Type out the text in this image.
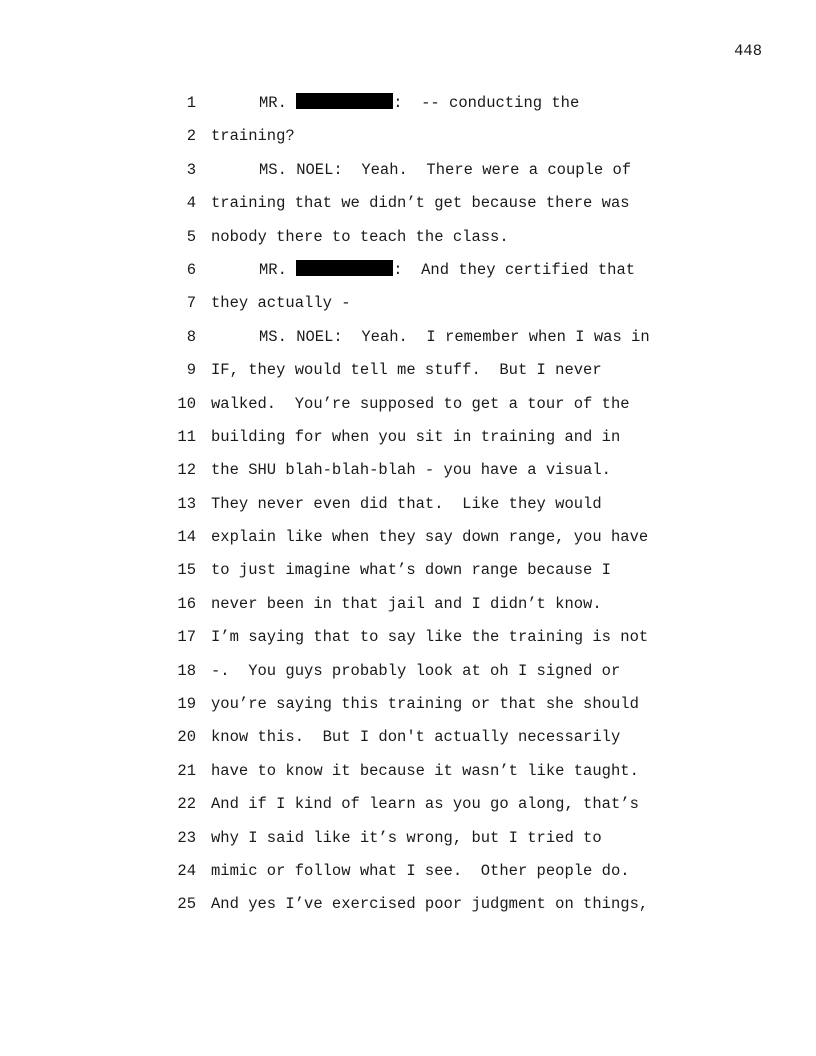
448
1	MR.	:  -- conducting the
2 training?
3	MS. NOEL:  Yeah.  There were a couple of
4 training that we didn’t get because there was
5 nobody there to teach the class.
6	MR.	:  And they certified that
7 they actually -
8	MS. NOEL:  Yeah.  I remember when I was in
9 IF, they would tell me stuff.  But I never
10 walked.  You’re supposed to get a tour of the
11 building for when you sit in training and in
12 the SHU blah-blah-blah - you have a visual.
13 They never even did that.  Like they would
14 explain like when they say down range, you have
15 to just imagine what’s down range because I
16 never been in that jail and I didn’t know.
17 I’m saying that to say like the training is not
18 -.  You guys probably look at oh I signed or
19 you’re saying this training or that she should
20 know this.  But I don't actually necessarily
21 have to know it because it wasn’t like taught.
22 And if I kind of learn as you go along, that’s
23 why I said like it’s wrong, but I tried to
24 mimic or follow what I see.  Other people do.
25 And yes I’ve exercised poor judgment on things,
